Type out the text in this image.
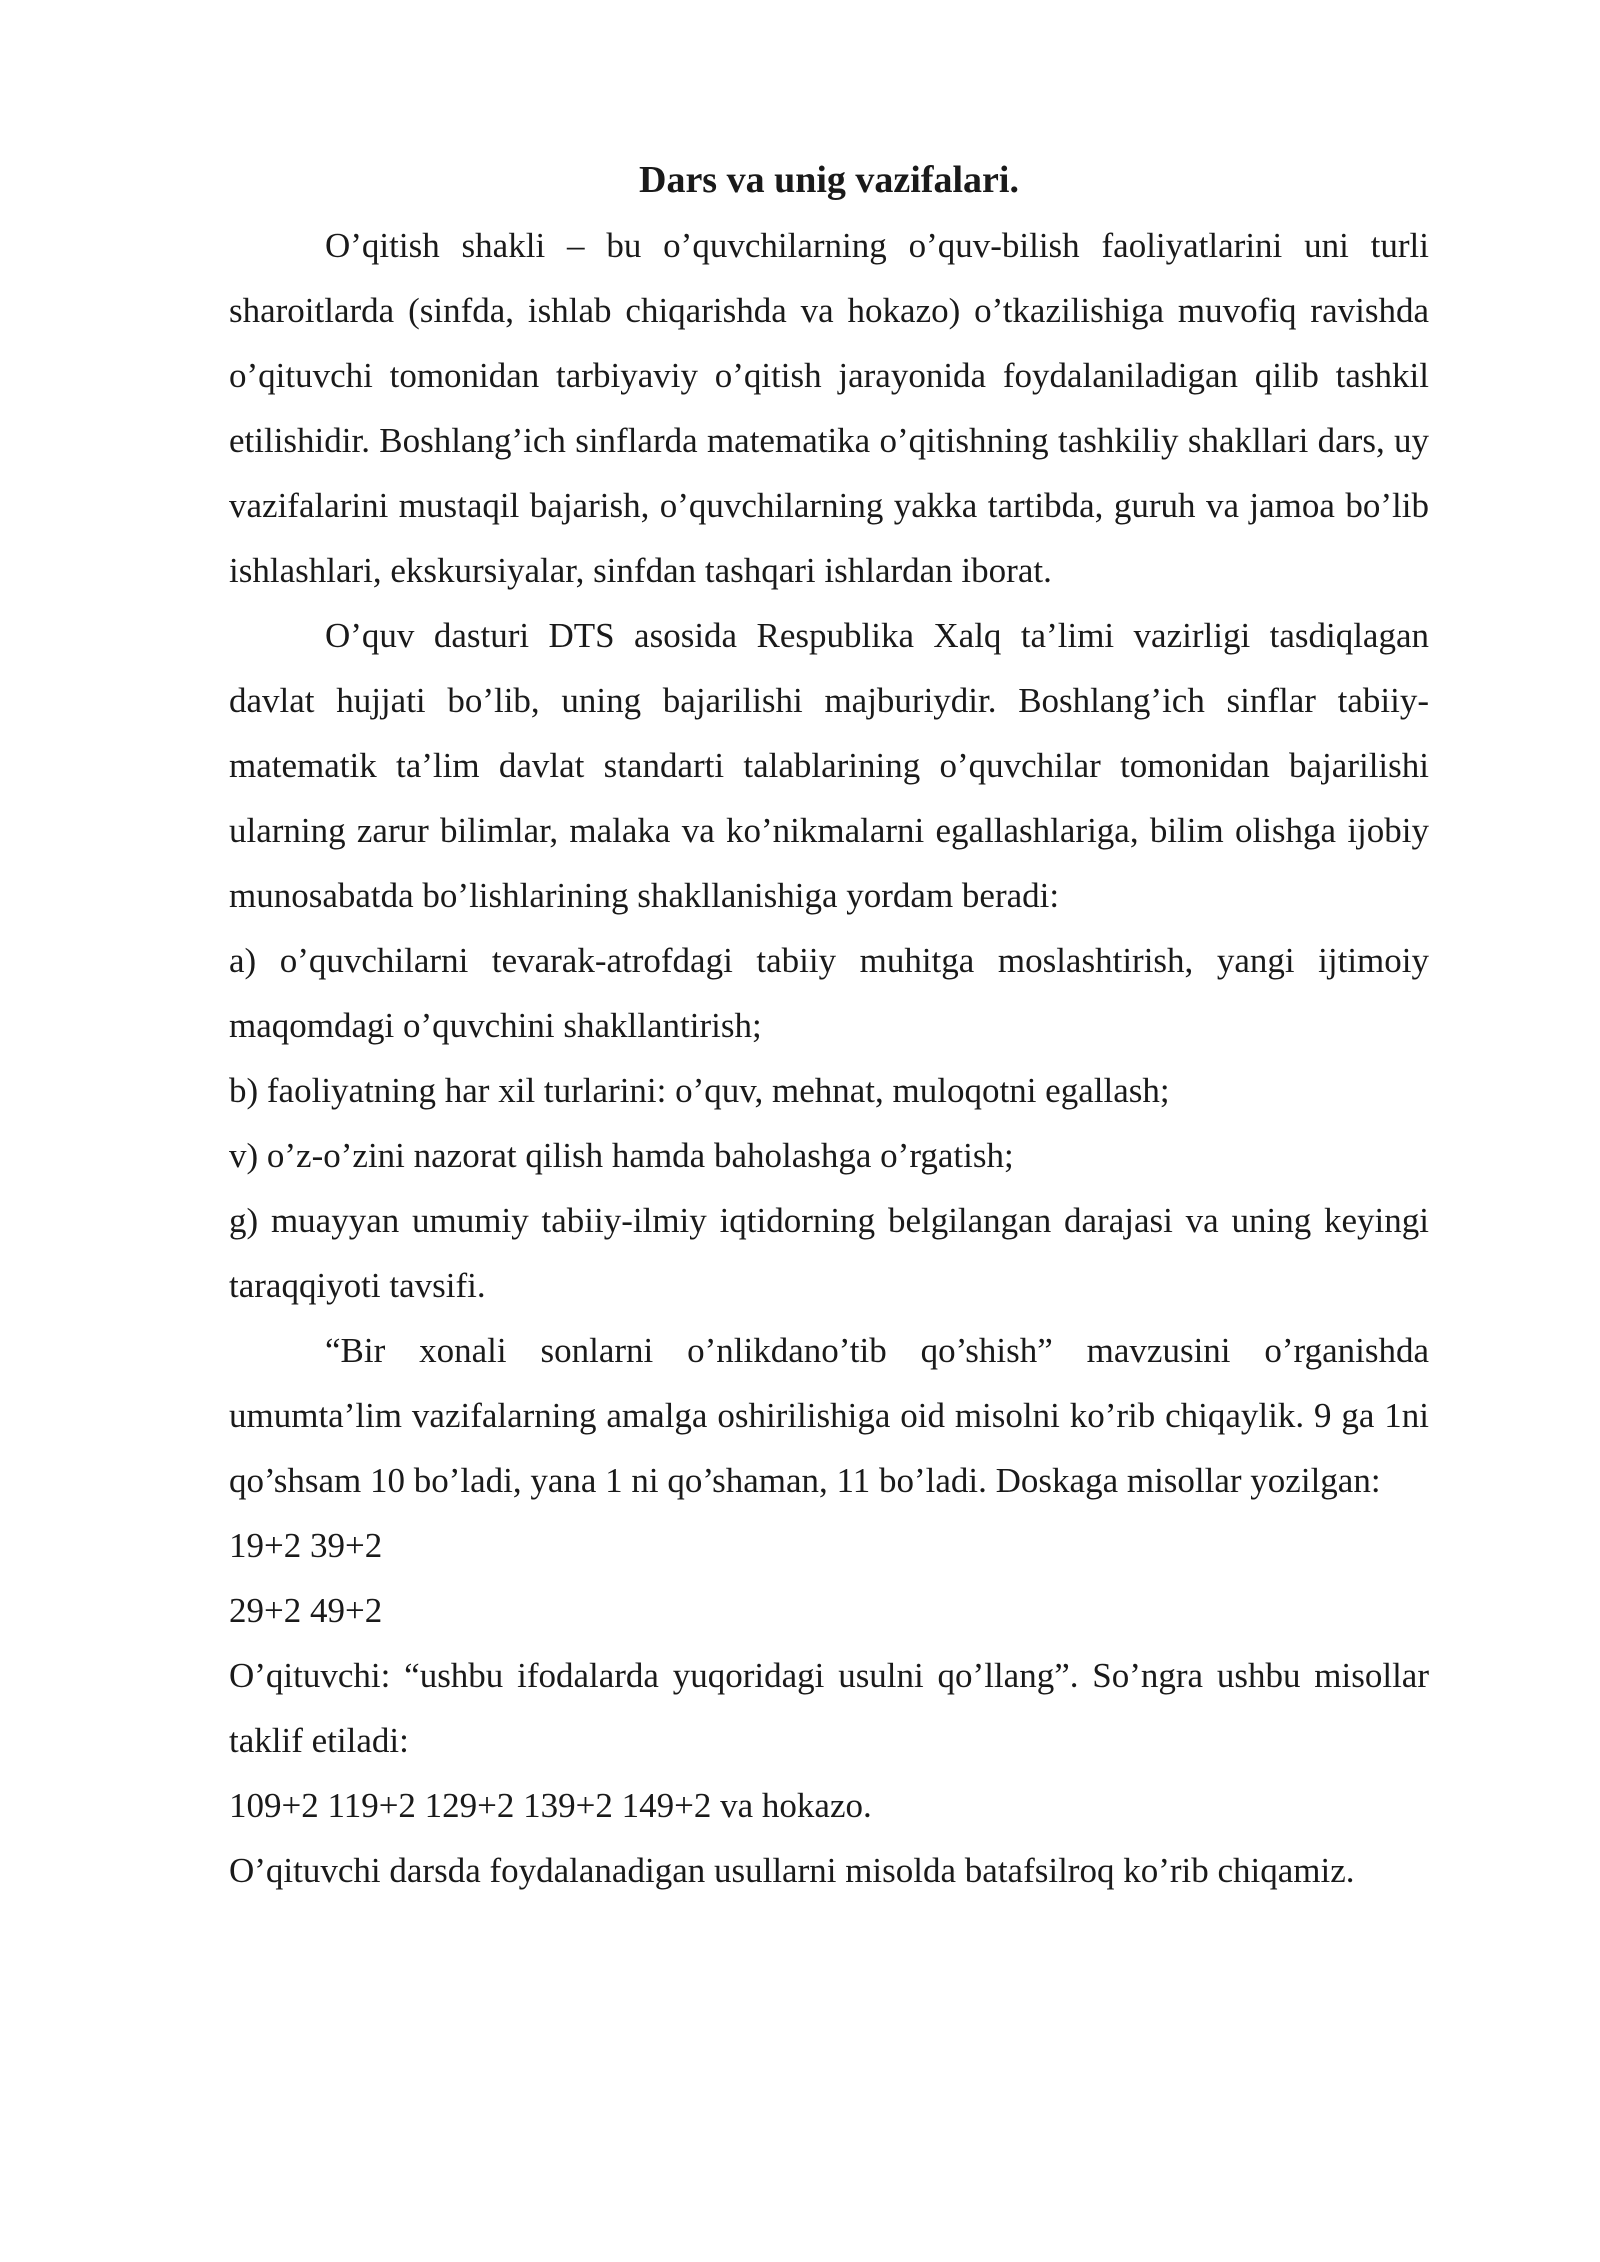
Dars va unig vazifalari.

O’qitish shakli – bu o’quvchilarning o’quv-bilish faoliyatlarini uni turli sharoitlarda (sinfda, ishlab chiqarishda va hokazo) o’tkazilishiga muvofiq ravishda o’qituvchi tomonidan tarbiyaviy o’qitish jarayonida foydalaniladigan qilib tashkil etilishidir. Boshlang’ich sinflarda matematika o’qitishning tashkiliy shakllari dars, uy vazifalarini mustaqil bajarish, o’quvchilarning yakka tartibda, guruh va jamoa bo’lib ishlashlari, ekskursiyalar, sinfdan tashqari ishlardan iborat.

O’quv dasturi DTS asosida Respublika Xalq ta’limi vazirligi tasdiqlagan davlat hujjati bo’lib, uning bajarilishi majburiydir. Boshlang’ich sinflar tabiiy-matematik ta’lim davlat standarti talablarining o’quvchilar tomonidan bajarilishi ularning zarur bilimlar, malaka va ko’nikmalarni egallashlariga, bilim olishga ijobiy munosabatda bo’lishlarining shakllanishiga yordam beradi:

a) o’quvchilarni tevarak-atrofdagi tabiiy muhitga moslashtirish, yangi ijtimoiy maqomdagi o’quvchini shakllantirish;

b) faoliyatning har xil turlarini: o’quv, mehnat, muloqotni egallash;

v) o’z-o’zini nazorat qilish hamda baholashga o’rgatish;

g) muayyan umumiy tabiiy-ilmiy iqtidorning belgilangan darajasi va uning keyingi taraqqiyoti tavsifi.

“Bir xonali sonlarni o’nlikdano’tib qo’shish” mavzusini o’rganishda umumta’lim vazifalarning amalga oshirilishiga oid misolni ko’rib chiqaylik. 9 ga 1ni qo’shsam 10 bo’ladi, yana 1 ni qo’shaman, 11 bo’ladi. Doskaga misollar yozilgan:

19+2 39+2

29+2 49+2

O’qituvchi: “ushbu ifodalarda yuqoridagi usulni qo’llang”. So’ngra ushbu misollar taklif etiladi:

109+2 119+2 129+2 139+2 149+2 va hokazo.

O’qituvchi darsda foydalanadigan usullarni misolda batafsilroq ko’rib chiqamiz.
